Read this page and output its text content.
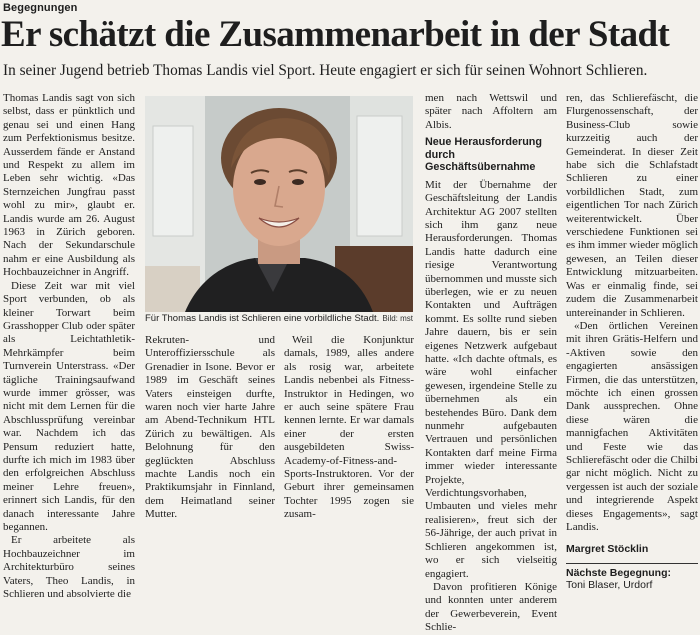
Begegnungen
Er schätzt die Zusammenarbeit in der Stadt
In seiner Jugend betrieb Thomas Landis viel Sport. Heute engagiert er sich für seinen Wohnort Schlieren.

Thomas Landis sagt von sich selbst, dass er pünktlich und genau sei und einen Hang zum Perfektionismus besitze. Ausserdem fände er Anstand und Respekt zu allem im Leben sehr wichtig. «Das Sternzeichen Jungfrau passt wohl zu mir», glaubt er. Landis wurde am 26. August 1963 in Zürich geboren. Nach der Sekundarschule nahm er eine Ausbildung als Hochbauzeichner in Angriff.

Diese Zeit war mit viel Sport verbunden, ob als kleiner Torwart beim Grasshopper Club oder später als Leichtathletik-Mehrkämpfer beim Turnverein Unterstrass. «Der tägliche Trainingsaufwand wurde immer grösser, was nicht mit dem Lernen für die Abschlussprüfung vereinbar war. Nachdem ich das Pensum reduziert hatte, durfte ich mich im 1983 über den erfolgreichen Abschluss meiner Lehre freuen», erinnert sich Landis, für den danach interessante Jahre begannen.

Er arbeitete als Hochbauzeichner im Architekturbüro seines Vaters, Theo Landis, in Schlieren und absolvierte die

Für Thomas Landis ist Schlieren eine vorbildliche Stadt. Bild: mst

Rekruten- und Unteroffiziersschule als Grenadier in Isone. Bevor er 1989 im Geschäft seines Vaters einsteigen durfte, waren noch vier harte Jahre am Abend-Technikum HTL Zürich zu bewältigen. Als Belohnung für den geglückten Abschluss machte Landis noch ein Praktikumsjahr in Finnland, dem Heimatland seiner Mutter.

Weil die Konjunktur damals, 1989, alles andere als rosig war, arbeitete Landis nebenbei als Fitness-Instruktor in Hedingen, wo er auch seine spätere Frau kennen lernte. Er war damals einer der ersten ausgebildeten Swiss-Academy-of-Fitness-and-Sports-Instruktoren. Vor der Geburt ihrer gemeinsamen Tochter 1995 zogen sie zusam-

men nach Wettswil und später nach Affoltern am Albis.

Neue Herausforderung durch Geschäftsübernahme

Mit der Übernahme der Geschäftsleitung der Landis Architektur AG 2007 stellten sich ihm ganz neue Herausforderungen. Thomas Landis hatte dadurch eine riesige Verantwortung übernommen und musste sich überlegen, wie er zu neuen Kontakten und Aufträgen kommt. Es sollte rund sieben Jahre dauern, bis er sein eigenes Netzwerk aufgebaut hatte. «Ich dachte oftmals, es wäre wohl einfacher gewesen, irgendeine Stelle zu übernehmen als ein bestehendes Büro. Dank dem nunmehr aufgebauten Vertrauen und persönlichen Kontakten darf meine Firma immer wieder interessante Projekte, Verdichtungsvorhaben, Umbauten und vieles mehr realisieren», freut sich der 56-Jährige, der auch privat in Schlieren angekommen ist, wo er sich vielseitig engagiert.

Davon profitieren Könige und konnten unter anderem der Gewerbeverein, Event Schlie-

ren, das Schlierefäscht, die Flurgenossenschaft, der Business-Club sowie kurzzeitig auch der Gemeinderat. In dieser Zeit habe sich die Schlafstadt Schlieren zu einer vorbildlichen Stadt, zum eigentlichen Tor nach Zürich weiterentwickelt. Über verschiedene Funktionen sei es ihm immer wieder möglich gewesen, an Teilen dieser Entwicklung mitzuarbeiten. Was er einmalig finde, sei zudem die Zusammenarbeit untereinander in Schlieren.

«Den örtlichen Vereinen mit ihren Grätis-Helfern und -Aktiven sowie den engagierten ansässigen Firmen, die das unterstützen, möchte ich einen grossen Dank aussprechen. Ohne diese wären die mannigfachen Aktivitäten und Feste wie das Schlierefäscht oder die Chilbi gar nicht möglich. Nicht zu vergessen ist auch der soziale und integrierende Aspekt dieses Engagements», sagt Landis.

Margret Stöcklin

Nächste Begegnung:

Toni Blaser, Urdorf
